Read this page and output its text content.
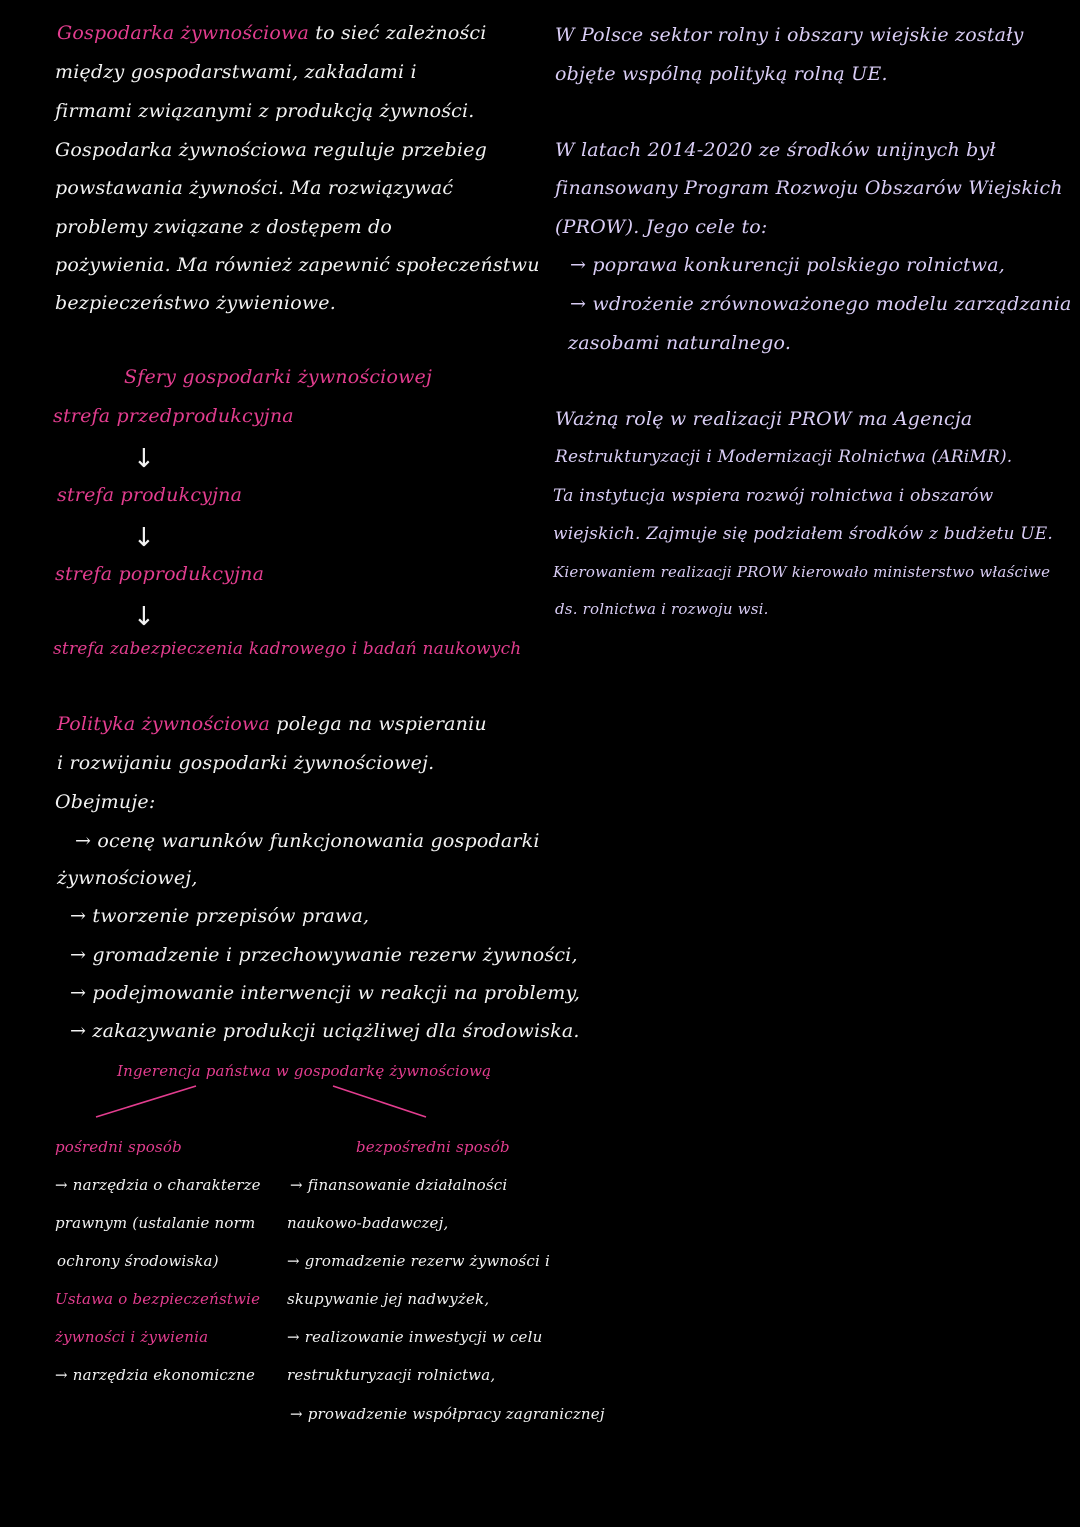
Gospodarka żywnościowa to sieć zależności
między gospodarstwami, zakładami i
firmami związanymi z produkcją żywności.
Gospodarka żywnościowa reguluje przebieg
powstawania żywności. Ma rozwiązywać
problemy związane z dostępem do
pożywienia. Ma również zapewnić społeczeństwu
bezpieczeństwo żywieniowe.
Sfery gospodarki żywnościowej
strefa przedprodukcyjna
↓
strefa produkcyjna
↓
strefa poprodukcyjna
↓
strefa zabezpieczenia kadrowego i badań naukowych
Polityka żywnościowa polega na wspieraniu
i rozwijaniu gospodarki żywnościowej.
Obejmuje:
→ ocenę warunków funkcjonowania gospodarki
żywnościowej,
→ tworzenie przepisów prawa,
→ gromadzenie i przechowywanie rezerw żywności,
→ podejmowanie interwencji w reakcji na problemy,
→ zakazywanie produkcji uciążliwej dla środowiska.
Ingerencja państwa w gospodarkę żywnościową
pośredni sposób
→ narzędzia o charakterze
prawnym (ustalanie norm
ochrony środowiska)
Ustawa o bezpieczeństwie
żywności i żywienia
→ narzędzia ekonomiczne
bezpośredni sposób
→ finansowanie działalności
naukowo-badawczej,
→ gromadzenie rezerw żywności i
skupywanie jej nadwyżek,
→ realizowanie inwestycji w celu
restrukturyzacji rolnictwa,
→ prowadzenie współpracy zagranicznej
W Polsce sektor rolny i obszary wiejskie zostały
objęte wspólną polityką rolną UE.
W latach 2014-2020 ze środków unijnych był
finansowany Program Rozwoju Obszarów Wiejskich
(PROW). Jego cele to:
→ poprawa konkurencji polskiego rolnictwa,
→ wdrożenie zrównoważonego modelu zarządzania
zasobami naturalnego.
Ważną rolę w realizacji PROW ma Agencja
Restrukturyzacji i Modernizacji Rolnictwa (ARiMR).
Ta instytucja wspiera rozwój rolnictwa i obszarów
wiejskich. Zajmuje się podziałem środków z budżetu UE.
Kierowaniem realizacji PROW kierowało ministerstwo właściwe
ds. rolnictwa i rozwoju wsi.
